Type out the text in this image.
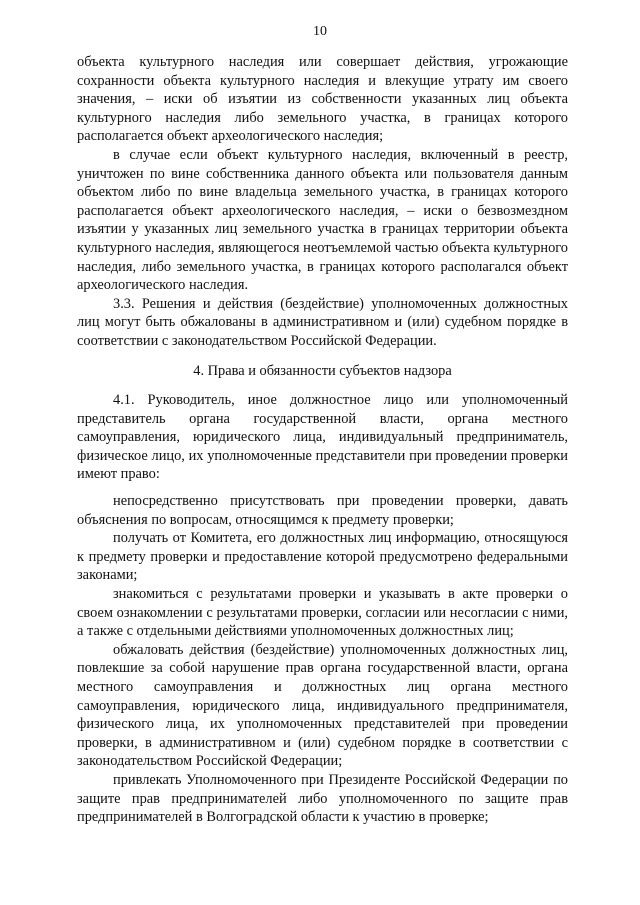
10

объекта культурного наследия или совершает действия, угрожающие сохранности объекта культурного наследия и влекущие утрату им своего значения, – иски об изъятии из собственности указанных лиц объекта культурного наследия либо земельного участка, в границах которого располагается объект археологического наследия;

в случае если объект культурного наследия, включенный в реестр, уничтожен по вине собственника данного объекта или пользователя данным объектом либо по вине владельца земельного участка, в границах которого располагается объект археологического наследия, – иски о безвозмездном изъятии у указанных лиц земельного участка в границах территории объекта культурного наследия, являющегося неотъемлемой частью объекта культурного наследия, либо земельного участка, в границах которого располагался объект археологического наследия.

3.3. Решения и действия (бездействие) уполномоченных должностных лиц могут быть обжалованы в административном и (или) судебном порядке в соответствии с законодательством Российской Федерации.

4. Права и обязанности субъектов надзора

4.1. Руководитель, иное должностное лицо или уполномоченный представитель органа государственной власти, органа местного самоуправления, юридического лица, индивидуальный предприниматель, физическое лицо, их уполномоченные представители при проведении проверки имеют право:

непосредственно присутствовать при проведении проверки, давать объяснения по вопросам, относящимся к предмету проверки;

получать от Комитета, его должностных лиц информацию, относящуюся к предмету проверки и предоставление которой предусмотрено федеральными законами;

знакомиться с результатами проверки и указывать в акте проверки о своем ознакомлении с результатами проверки, согласии или несогласии с ними, а также с отдельными действиями уполномоченных должностных лиц;

обжаловать действия (бездействие) уполномоченных должностных лиц, повлекшие за собой нарушение прав органа государственной власти, органа местного самоуправления и должностных лиц органа местного самоуправления, юридического лица, индивидуального предпринимателя, физического лица, их уполномоченных представителей при проведении проверки, в административном и (или) судебном порядке в соответствии с законодательством Российской Федерации;

привлекать Уполномоченного при Президенте Российской Федерации по защите прав предпринимателей либо уполномоченного по защите прав предпринимателей в Волгоградской области к участию в проверке;
